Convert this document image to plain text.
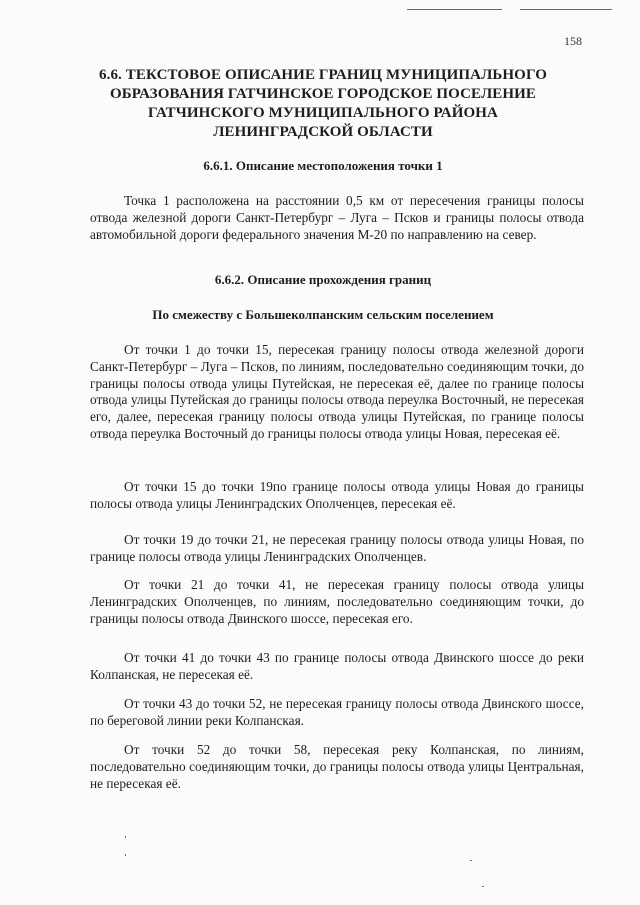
158
6.6. ТЕКСТОВОЕ ОПИСАНИЕ ГРАНИЦ МУНИЦИПАЛЬНОГО ОБРАЗОВАНИЯ ГАТЧИНСКОЕ ГОРОДСКОЕ ПОСЕЛЕНИЕ ГАТЧИНСКОГО МУНИЦИПАЛЬНОГО РАЙОНА ЛЕНИНГРАДСКОЙ ОБЛАСТИ
6.6.1. Описание местоположения точки 1

Точка 1 расположена на расстоянии 0,5 км от пересечения границы полосы отвода железной дороги Санкт-Петербург – Луга – Псков и границы полосы отвода автомобильной дороги федерального значения М-20 по направлению на север.

6.6.2. Описание прохождения границ
По смежеству с Большеколпанским сельским поселением

От точки 1 до точки 15, пересекая границу полосы отвода железной дороги Санкт-Петербург – Луга – Псков, по линиям, последовательно соединяющим точки, до границы полосы отвода улицы Путейская, не пересекая её, далее по границе полосы отвода улицы Путейская до границы полосы отвода переулка Восточный, не пересекая его, далее, пересекая границу полосы отвода улицы Путейская, по границе полосы отвода переулка Восточный до границы полосы отвода улицы Новая, пересекая её.

От точки 15 до точки 19по границе полосы отвода улицы Новая до границы полосы отвода улицы Ленинградских Ополченцев, пересекая её.

От точки 19 до точки 21, не пересекая границу полосы отвода улицы Новая, по границе полосы отвода улицы Ленинградских Ополченцев.

От точки 21 до точки 41, не пересекая границу полосы отвода улицы Ленинградских Ополченцев, по линиям, последовательно соединяющим точки, до границы полосы отвода Двинского шоссе, пересекая его.

От точки 41 до точки 43 по границе полосы отвода Двинского шоссе до реки Колпанская, не пересекая её.

От точки 43 до точки 52, не пересекая границу полосы отвода Двинского шоссе, по береговой линии реки Колпанская.

От точки 52 до точки 58, пересекая реку Колпанская, по линиям, последовательно соединяющим точки, до границы полосы отвода улицы Центральная, не пересекая её.
